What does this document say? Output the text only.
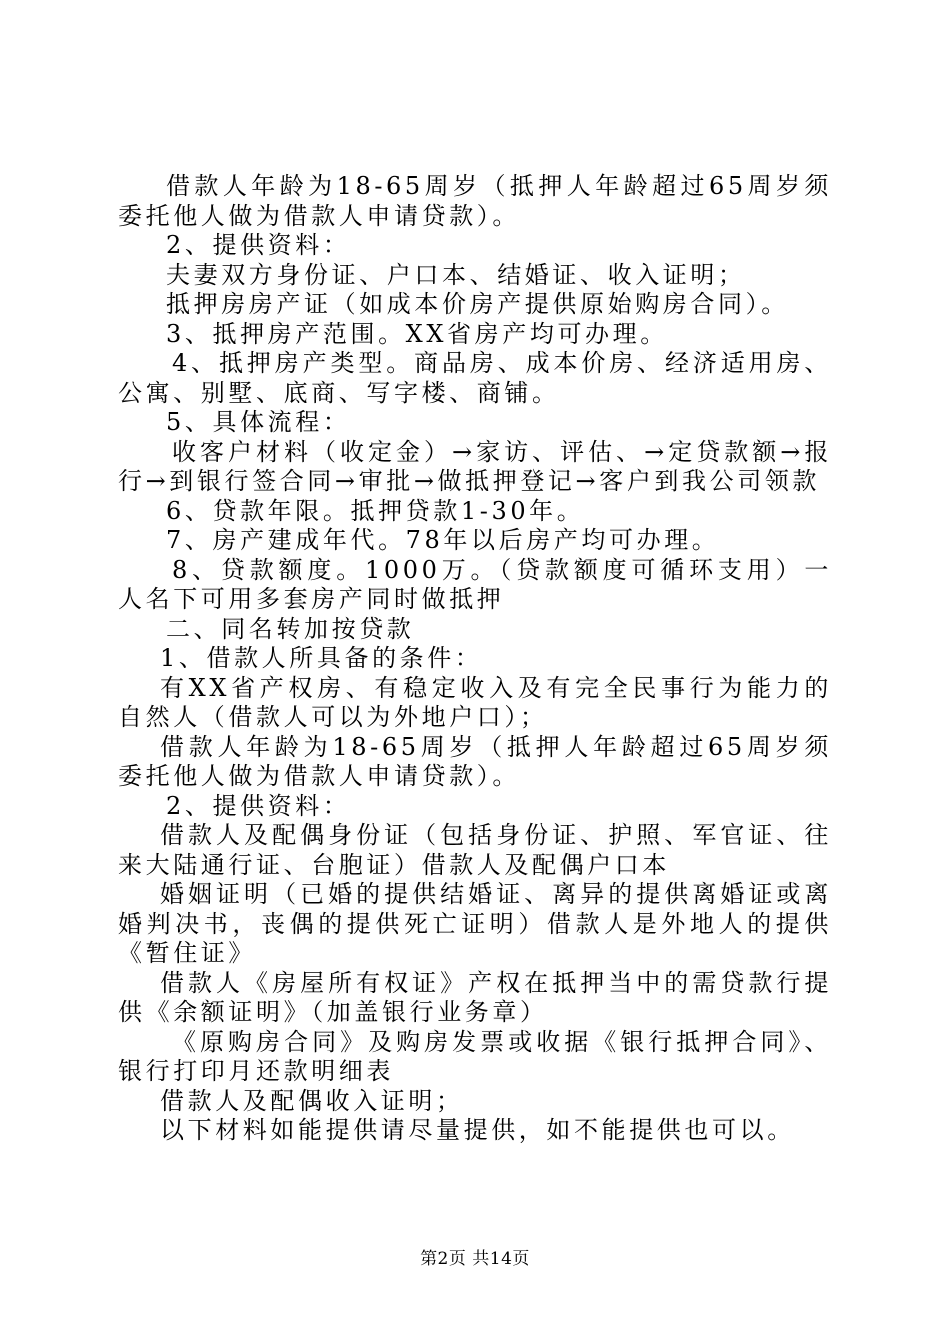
借款人年龄为18-65周岁（抵押人年龄超过65周岁须委托他人做为借款人申请贷款）。

2、提供资料：

夫妻双方身份证、户口本、结婚证、收入证明；

抵押房房产证（如成本价房产提供原始购房合同）。

3、抵押房产范围。XX省房产均可办理。

4、抵押房产类型。商品房、成本价房、经济适用房、公寓、别墅、底商、写字楼、商铺。

5、具体流程：

收客户材料（收定金）→家访、评估、→定贷款额→报行→到银行签合同→审批→做抵押登记→客户到我公司领款

6、贷款年限。抵押贷款1-30年。

7、房产建成年代。78年以后房产均可办理。

8、贷款额度。1000万。（贷款额度可循环支用）一人名下可用多套房产同时做抵押

二、同名转加按贷款

1、借款人所具备的条件：

有XX省产权房、有稳定收入及有完全民事行为能力的自然人（借款人可以为外地户口）；

借款人年龄为18-65周岁（抵押人年龄超过65周岁须委托他人做为借款人申请贷款）。

2、提供资料：

借款人及配偶身份证（包括身份证、护照、军官证、往来大陆通行证、台胞证）借款人及配偶户口本

婚姻证明（已婚的提供结婚证、离异的提供离婚证或离婚判决书，丧偶的提供死亡证明）借款人是外地人的提供《暂住证》

借款人《房屋所有权证》产权在抵押当中的需贷款行提供《余额证明》（加盖银行业务章）

《原购房合同》及购房发票或收据《银行抵押合同》、银行打印月还款明细表

借款人及配偶收入证明；

以下材料如能提供请尽量提供，如不能提供也可以。

第2页 共14页
